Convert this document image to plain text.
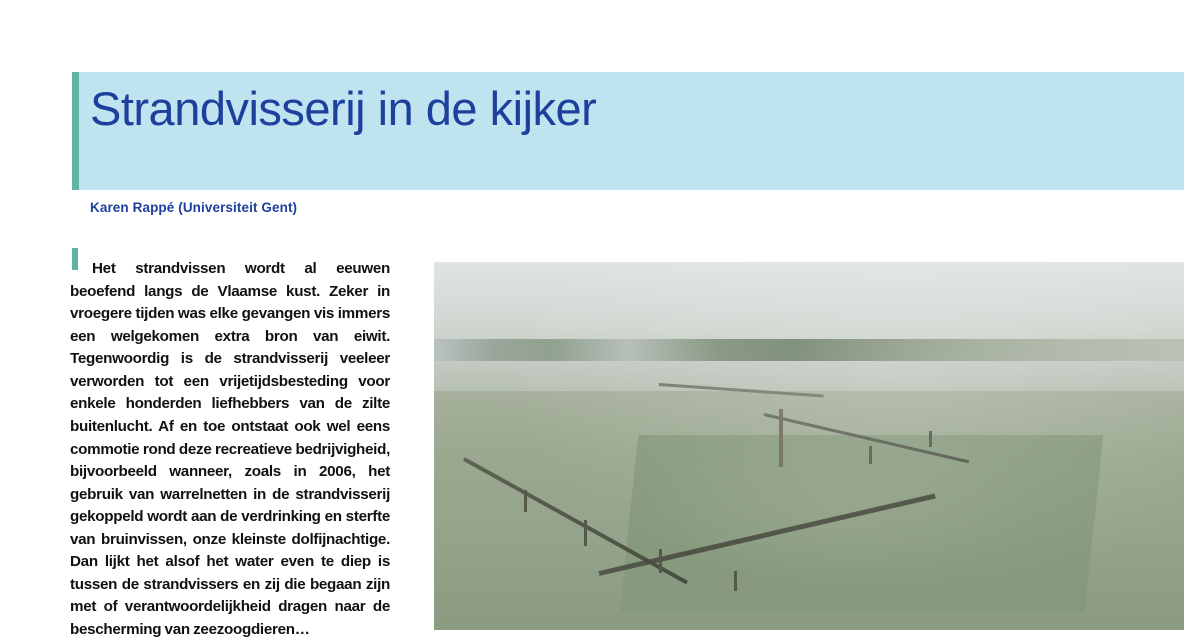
Strandvisserij in de kijker
Karen Rappé (Universiteit Gent)

Het strandvissen wordt al eeuwen beoefend langs de Vlaamse kust. Zeker in vroegere tijden was elke gevangen vis immers een welgekomen extra bron van eiwit. Tegenwoordig is de strandvisserij veeleer verworden tot een vrijetijdsbesteding voor enkele honderden liefhebbers van de zilte buitenlucht. Af en toe ontstaat ook wel eens commotie rond deze recreatieve bedrijvigheid, bijvoorbeeld wanneer, zoals in 2006, het gebruik van warrelnetten in de strandvisserij gekoppeld wordt aan de verdrinking en sterfte van bruinvissen, onze kleinste dolfijnachtige. Dan lijkt het alsof het water even te diep is tussen de strandvissers en zij die begaan zijn met of verantwoordelijkheid dragen naar de bescherming van zeezoogdieren…
